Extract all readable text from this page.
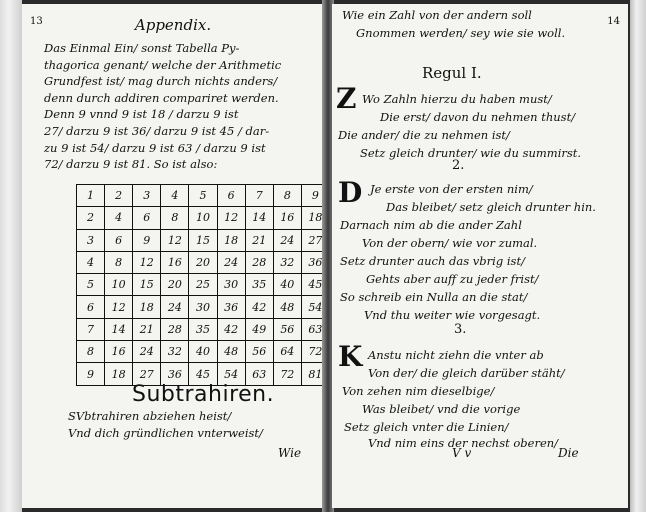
13	Appendix.
Das Einmal Ein/ sonst Tabella Py-
thagorica genant/ welche der Arithmetic
Grundfest ist/ mag durch nichts anders/
denn durch addiren compariret werden.
Denn 9 vnnd 9 ist 18 / darzu 9 ist
27/ darzu 9 ist 36/ darzu 9 ist 45 / dar-
zu 9 ist 54/ darzu 9 ist 63 / darzu 9 ist
72/ darzu 9 ist 81. So ist also:
1	2	3	4	5	6	7	8	9
2	4	6	8	10	12	14	16	18
3	6	9	12	15	18	21	24	27
4	8	12	16	20	24	28	32	36
5	10	15	20	25	30	35	40	45
6	12	18	24	30	36	42	48	54
7	14	21	28	35	42	49	56	63
8	16	24	32	40	48	56	64	72
9	18	27	36	45	54	63	72	81
Subtrahiren.
SVbtrahiren abziehen heist/
Vnd dich gründlichen vnterweist/
Wie
14
Wie ein Zahl von der andern soll
Gnommen werden/ sey wie sie woll.
Regul I.
Z Wo Zahln hierzu du haben must/
Die erst/ davon du nehmen thust/
Die ander/ die zu nehmen ist/
Setz gleich drunter/ wie du summirst.
2.
D Je erste von der ersten nim/
Das bleibet/ setz gleich drunter hin.
Darnach nim ab die ander Zahl
Von der obern/ wie vor zumal.
Setz drunter auch das vbrig ist/
Gehts aber auff zu jeder frist/
So schreib ein Nulla an die stat/
Vnd thu weiter wie vorgesagt.
3.
K Anstu nicht ziehn die vnter ab
Von der/ die gleich darüber stäht/
Von zehen nim dieselbige/
Was bleibet/ vnd die vorige
Setz gleich vnter die Linien/
Vnd nim eins der nechst oberen/
V v	Die
